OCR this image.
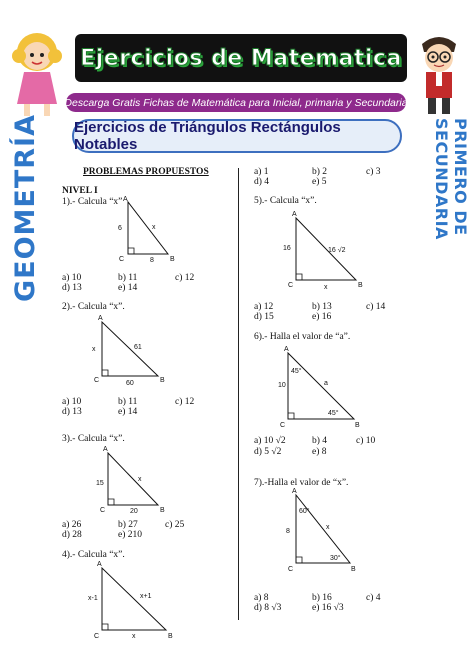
Ejercicios de Matematica
Descarga Gratis Fichas de Matemática para Inicial, primaria y Secundaria
Ejercicios de Triángulos Rectángulos Notables
GEOMETRÍA	PRIMERO DE SECUNDARIA
PROBLEMAS PROPUESTOS
NIVEL I
1).- Calcula “x” A
B
C
6	x
8
a) 10	b) 11	c) 12
d) 13	e) 14
2).- Calcula “x”.
A
B
C
x	61
60
a) 10	b) 11	c) 12
d) 13	e) 14
3).- Calcula “x”.
A
B
C
15
x
20
a) 26	b) 27	c) 25
d) 28	e) 210
4).- Calcula “x”.
A
B
C
x-1	x+1
x
a) 1	b) 2	c) 3
d) 4	e) 5
5).- Calcula “x”.
A
B
C
16	16 √2
x
a) 12	b) 13	c) 14
d) 15	e) 16
6).- Halla el valor de “a”.
A
B
C
10	a
45°
45°
a) 10 √2	b) 4	c) 10
d) 5 √2	e) 8
7).-Halla el valor de “x”.
A
B
C
8
x
60°
30°
a) 8	b) 16	c) 4
d) 8 √3	e) 16 √3
